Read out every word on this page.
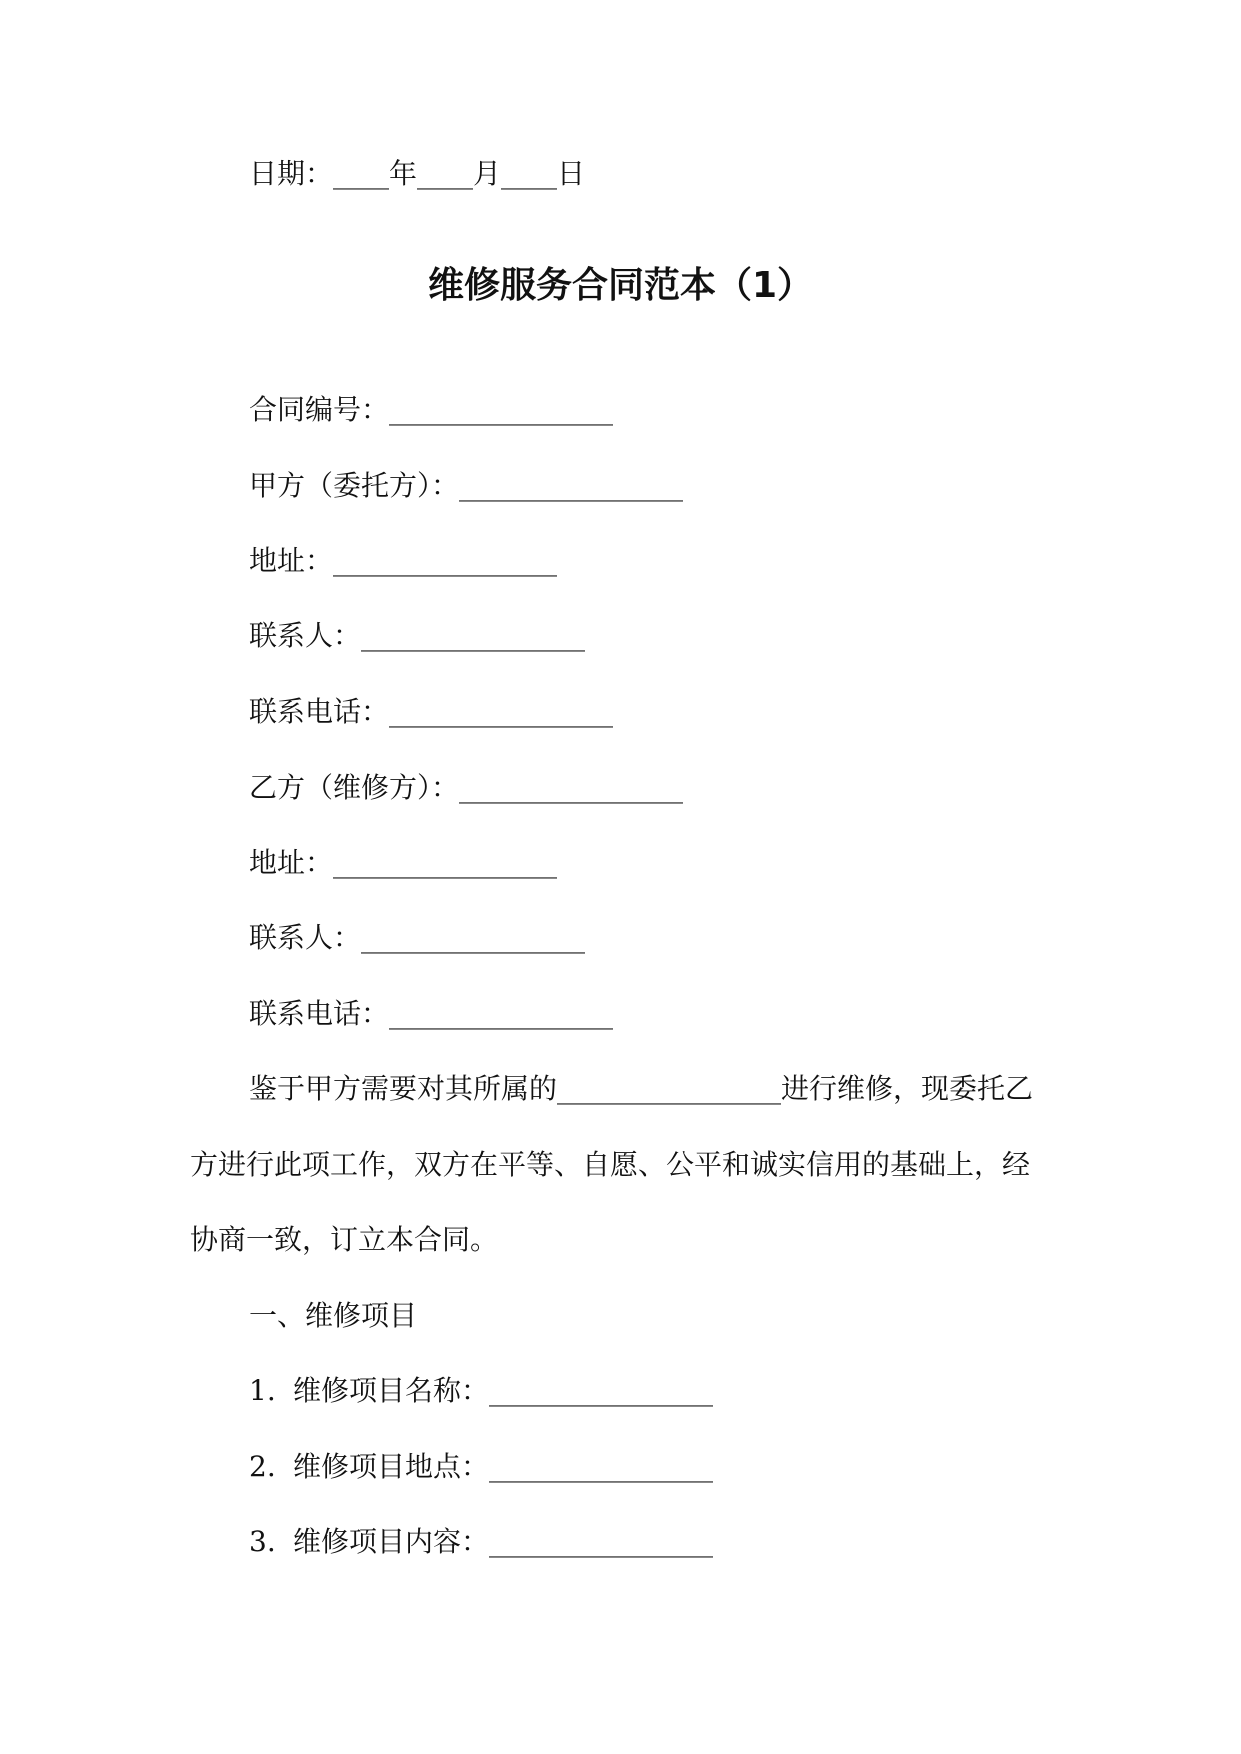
日期：____年____月____日
维修服务合同范本（1）
合同编号：________________
甲方（委托方）：________________
地址：________________
联系人：________________
联系电话：________________
乙方（维修方）：________________
地址：________________
联系人：________________
联系电话：________________
鉴于甲方需要对其所属的________________进行维修，现委托乙
方进行此项工作，双方在平等、自愿、公平和诚实信用的基础上，经
协商一致，订立本合同。
一、维修项目
1. 维修项目名称：________________
2. 维修项目地点：________________
3. 维修项目内容：________________
